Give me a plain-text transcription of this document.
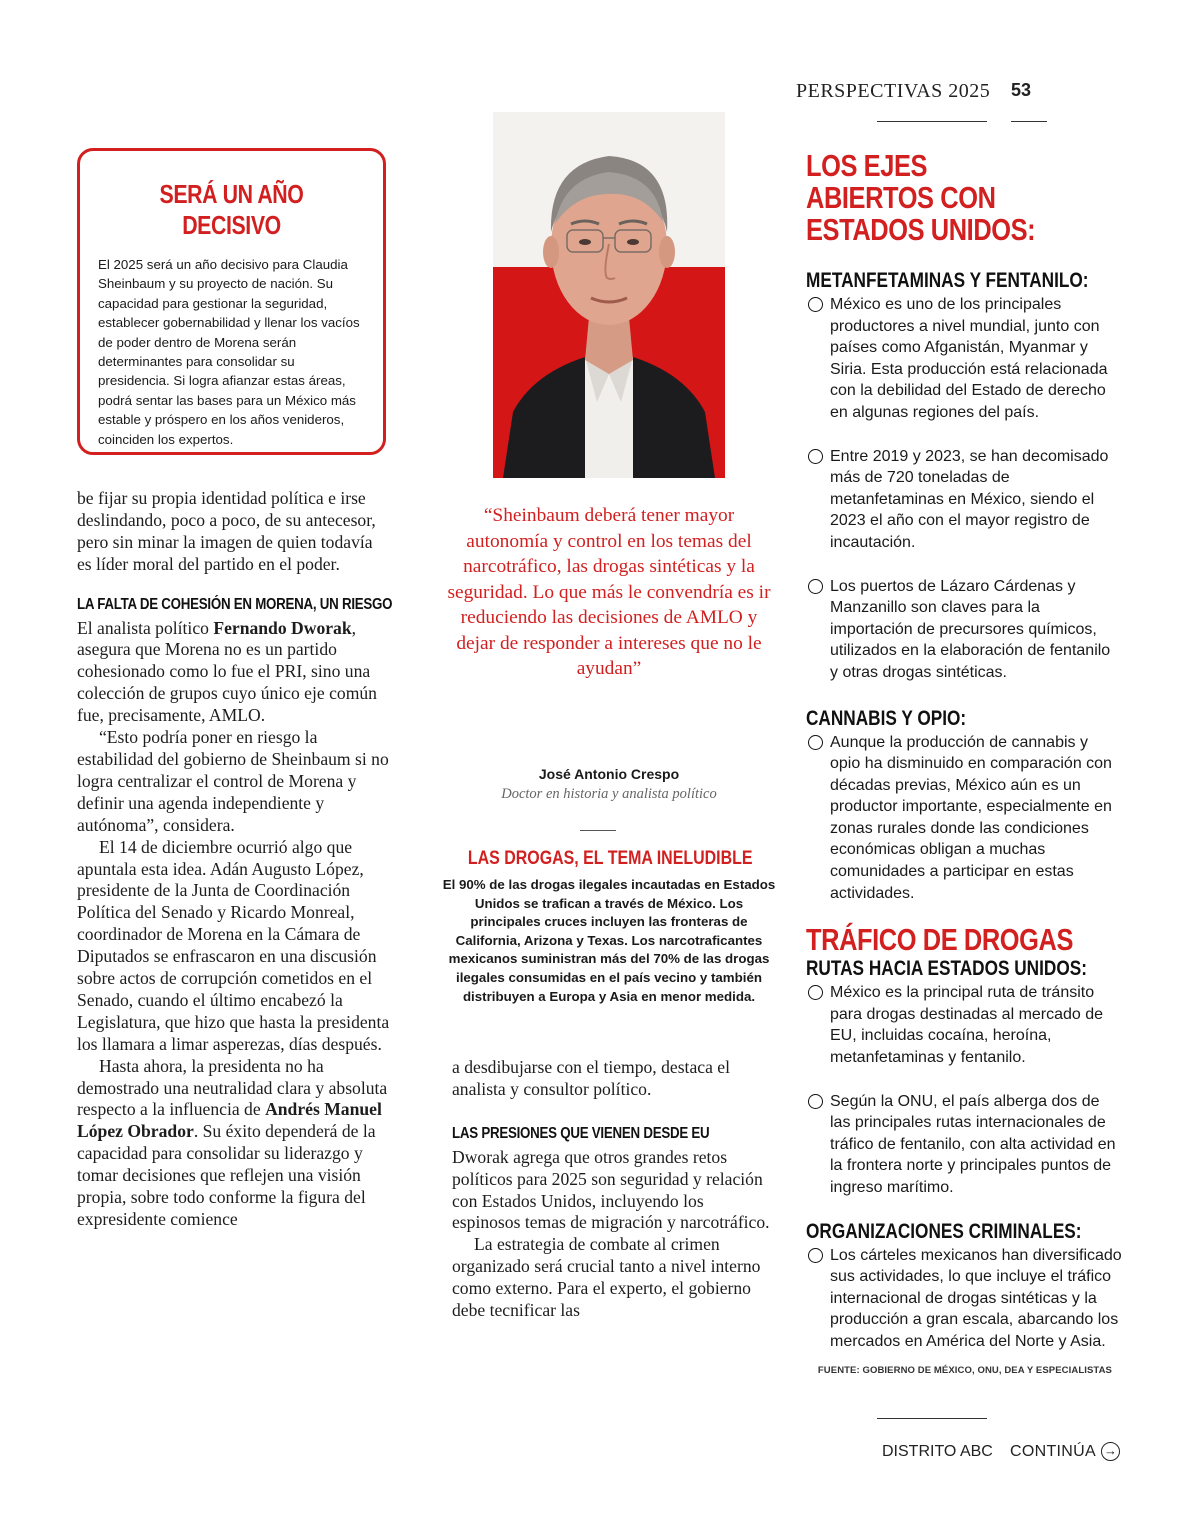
PERSPECTIVAS 2025 53
SERÁ UN AÑO DECISIVO
El 2025 será un año decisivo para Claudia Sheinbaum y su proyecto de nación. Su capacidad para gestionar la seguridad, establecer gobernabilidad y llenar los vacíos de poder dentro de Morena serán determinantes para consolidar su presidencia. Si logra afianzar estas áreas, podrá sentar las bases para un México más estable y próspero en los años venideros, coinciden los expertos.

be fijar su propia identidad política e irse deslindando, poco a poco, de su antecesor, pero sin minar la imagen de quien todavía es líder moral del partido en el poder.

LA FALTA DE COHESIÓN EN MORENA, UN RIESGO

El analista político Fernando Dworak, asegura que Morena no es un partido cohesionado como lo fue el PRI, sino una colección de grupos cuyo único eje común fue, precisamente, AMLO.

“Esto podría poner en riesgo la estabilidad del gobierno de Sheinbaum si no logra centralizar el control de Morena y definir una agenda independiente y autónoma”, considera.

El 14 de diciembre ocurrió algo que apuntala esta idea. Adán Augusto López, presidente de la Junta de Coordinación Política del Senado y Ricardo Monreal, coordinador de Morena en la Cámara de Diputados se enfrascaron en una discusión sobre actos de corrupción cometidos en el Senado, cuando el último encabezó la Legislatura, que hizo que hasta la presidenta los llamara a limar asperezas, días después.

Hasta ahora, la presidenta no ha demostrado una neutralidad clara y absoluta respecto a la influencia de Andrés Manuel López Obrador. Su éxito dependerá de la capacidad para consolidar su liderazgo y tomar decisiones que reflejen una visión propia, sobre todo conforme la figura del expresidente comience

“Sheinbaum deberá tener mayor autonomía y control en los temas del narcotráfico, las drogas sintéticas y la seguridad. Lo que más le convendría es ir reduciendo las decisiones de AMLO y dejar de responder a intereses que no le ayudan”
José Antonio Crespo
Doctor en historia y analista político
LAS DROGAS, EL TEMA INELUDIBLE
El 90% de las drogas ilegales incautadas en Estados Unidos se trafican a través de México. Los principales cruces incluyen las fronteras de California, Arizona y Texas. Los narcotraficantes mexicanos suministran más del 70% de las drogas ilegales consumidas en el país vecino y también distribuyen a Europa y Asia en menor medida.

a desdibujarse con el tiempo, destaca el analista y consultor político.

LAS PRESIONES QUE VIENEN DESDE EU

Dworak agrega que otros grandes retos políticos para 2025 son seguridad y relación con Estados Unidos, incluyendo los espinosos temas de migración y narcotráfico.

La estrategia de combate al crimen organizado será crucial tanto a nivel interno como externo. Para el experto, el gobierno debe tecnificar las

LOS EJES ABIERTOS CON ESTADOS UNIDOS:
METANFETAMINAS Y FENTANILO:
México es uno de los principales productores a nivel mundial, junto con países como Afganistán, Myanmar y Siria. Esta producción está relacionada con la debilidad del Estado de derecho en algunas regiones del país.
Entre 2019 y 2023, se han decomisado más de 720 toneladas de metanfetaminas en México, siendo el 2023 el año con el mayor registro de incautación.
Los puertos de Lázaro Cárdenas y Manzanillo son claves para la importación de precursores químicos, utilizados en la elaboración de fentanilo y otras drogas sintéticas.
CANNABIS Y OPIO:
Aunque la producción de cannabis y opio ha disminuido en comparación con décadas previas, México aún es un productor importante, especialmente en zonas rurales donde las condiciones económicas obligan a muchas comunidades a participar en estas actividades.
TRÁFICO DE DROGAS
RUTAS HACIA ESTADOS UNIDOS:
México es la principal ruta de tránsito para drogas destinadas al mercado de EU, incluidas cocaína, heroína, metanfetaminas y fentanilo.
Según la ONU, el país alberga dos de las principales rutas internacionales de tráfico de fentanilo, con alta actividad en la frontera norte y principales puntos de ingreso marítimo.
ORGANIZACIONES CRIMINALES:
Los cárteles mexicanos han diversificado sus actividades, lo que incluye el tráfico internacional de drogas sintéticas y la producción a gran escala, abarcando los mercados en América del Norte y Asia.
FUENTE: GOBIERNO DE MÉXICO, ONU, DEA Y ESPECIALISTAS
DISTRITO ABC CONTINÚA →
